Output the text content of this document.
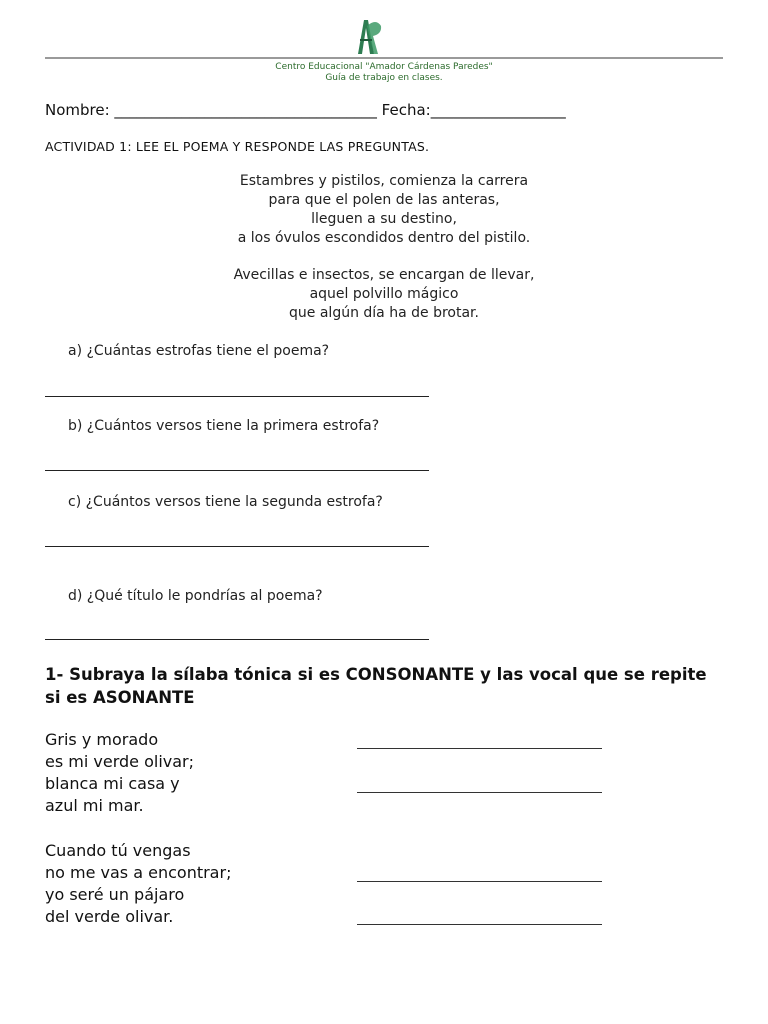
Centro Educacional "Amador Cárdenas Paredes"
Guía de trabajo en clases.
Nombre: ___________________________________ Fecha:__________________
ACTIVIDAD 1: LEE EL POEMA Y RESPONDE LAS PREGUNTAS.
Estambres y pistilos, comienza la carrera
para que el polen de las anteras,
lleguen a su destino,
a los óvulos escondidos dentro del pistilo.
Avecillas e insectos, se encargan de llevar,
aquel polvillo mágico
que algún día ha de brotar.
a) ¿Cuántas estrofas tiene el poema?
b) ¿Cuántos versos tiene la primera estrofa?
c) ¿Cuántos versos tiene la segunda estrofa?
d) ¿Qué título le pondrías al poema?
1- Subraya la sílaba tónica si es CONSONANTE y las vocal que se repite si es ASONANTE
Gris y morado
es mi verde olivar;
blanca mi casa y
azul mi mar.
Cuando tú vengas
no me vas a encontrar;
yo seré un pájaro
del verde olivar.
